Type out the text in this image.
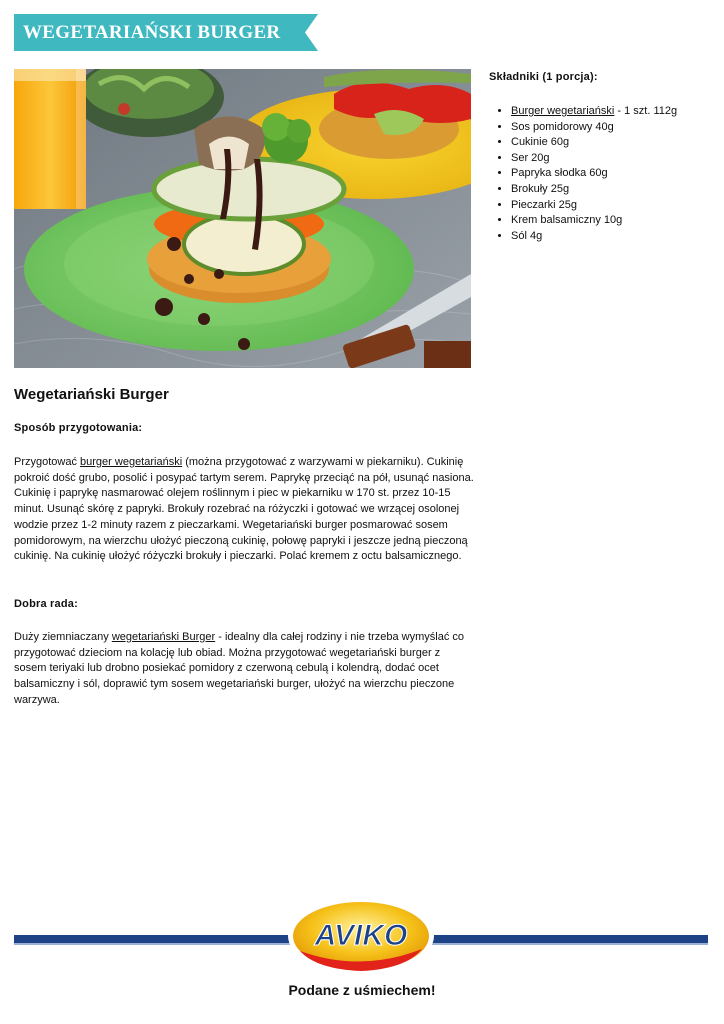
WEGETARIAŃSKI BURGER
Składniki (1 porcja):
• Burger wegetariański - 1 szt. 112g
• Sos pomidorowy 40g
• Cukinie 60g
• Ser 20g
• Papryka słodka 60g
• Brokuły 25g
• Pieczarki 25g
• Krem balsamiczny 10g
• Sól 4g
Wegetariański Burger
Sposób przygotowania:

Przygotować burger wegetariański (można przygotować z warzywami w piekarniku). Cukinię pokroić dość grubo, posolić i posypać tartym serem. Paprykę przeciąć na pół, usunąć nasiona. Cukinię i paprykę nasmarować olejem roślinnym i piec w piekarniku w 170 st. przez 10-15 minut. Usunąć skórę z papryki. Brokuły rozebrać na różyczki i gotować we wrzącej osolonej wodzie przez 1-2 minuty razem z pieczarkami. Wegetariański burger posmarować sosem pomidorowym, na wierzchu ułożyć pieczoną cukinię, połowę papryki i jeszcze jedną pieczoną cukinię. Na cukinię ułożyć różyczki brokuły i pieczarki. Polać kremem z octu balsamicznego.

Dobra rada:

Duży ziemniaczany wegetariański Burger - idealny dla całej rodziny i nie trzeba wymyślać co przygotować dzieciom na kolację lub obiad. Można przygotować wegetariański burger z sosem teriyaki lub drobno posiekać pomidory z czerwoną cebulą i kolendrą, dodać ocet balsamiczny i sól, doprawić tym sosem wegetariański burger, ułożyć na wierzchu pieczone warzywa.

AVIKO
Podane z uśmiechem!
